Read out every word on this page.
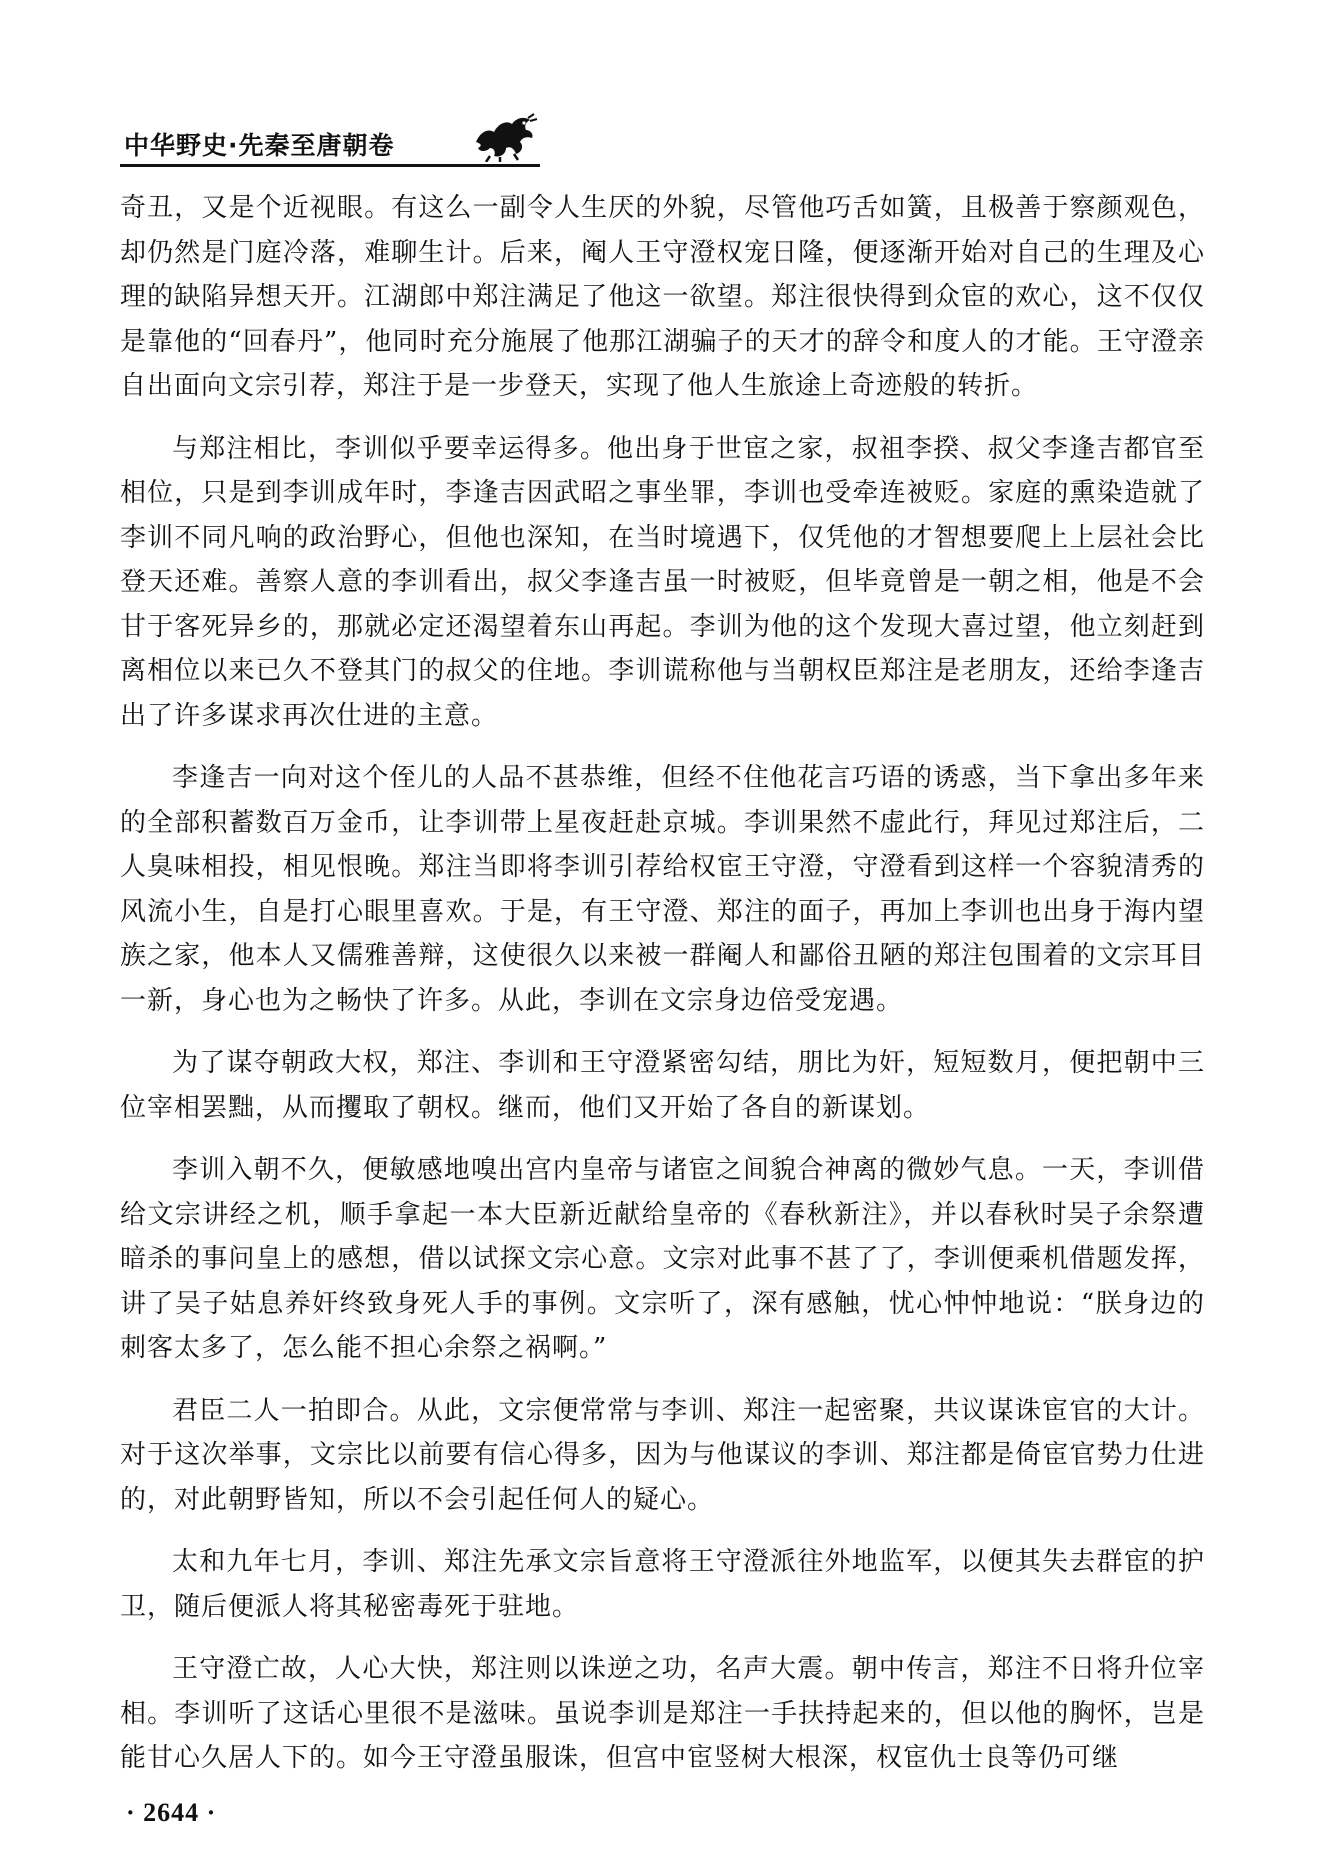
中华野史·先秦至唐朝卷

奇丑，又是个近视眼。有这么一副令人生厌的外貌，尽管他巧舌如簧，且极善于察颜观色，却仍然是门庭冷落，难聊生计。后来，阉人王守澄权宠日隆，便逐渐开始对自己的生理及心理的缺陷异想天开。江湖郎中郑注满足了他这一欲望。郑注很快得到众宦的欢心，这不仅仅是靠他的“回春丹”，他同时充分施展了他那江湖骗子的天才的辞令和度人的才能。王守澄亲自出面向文宗引荐，郑注于是一步登天，实现了他人生旅途上奇迹般的转折。

与郑注相比，李训似乎要幸运得多。他出身于世宦之家，叔祖李揆、叔父李逢吉都官至相位，只是到李训成年时，李逢吉因武昭之事坐罪，李训也受牵连被贬。家庭的熏染造就了李训不同凡响的政治野心，但他也深知，在当时境遇下，仅凭他的才智想要爬上上层社会比登天还难。善察人意的李训看出，叔父李逢吉虽一时被贬，但毕竟曾是一朝之相，他是不会甘于客死异乡的，那就必定还渴望着东山再起。李训为他的这个发现大喜过望，他立刻赶到离相位以来已久不登其门的叔父的住地。李训谎称他与当朝权臣郑注是老朋友，还给李逢吉出了许多谋求再次仕进的主意。

李逢吉一向对这个侄儿的人品不甚恭维，但经不住他花言巧语的诱惑，当下拿出多年来的全部积蓄数百万金币，让李训带上星夜赶赴京城。李训果然不虚此行，拜见过郑注后，二人臭味相投，相见恨晚。郑注当即将李训引荐给权宦王守澄，守澄看到这样一个容貌清秀的风流小生，自是打心眼里喜欢。于是，有王守澄、郑注的面子，再加上李训也出身于海内望族之家，他本人又儒雅善辩，这使很久以来被一群阉人和鄙俗丑陋的郑注包围着的文宗耳目一新，身心也为之畅快了许多。从此，李训在文宗身边倍受宠遇。

为了谋夺朝政大权，郑注、李训和王守澄紧密勾结，朋比为奸，短短数月，便把朝中三位宰相罢黜，从而攫取了朝权。继而，他们又开始了各自的新谋划。

李训入朝不久，便敏感地嗅出宫内皇帝与诸宦之间貌合神离的微妙气息。一天，李训借给文宗讲经之机，顺手拿起一本大臣新近献给皇帝的《春秋新注》，并以春秋时吴子余祭遭暗杀的事问皇上的感想，借以试探文宗心意。文宗对此事不甚了了，李训便乘机借题发挥，讲了吴子姑息养奸终致身死人手的事例。文宗听了，深有感触，忧心忡忡地说：“朕身边的刺客太多了，怎么能不担心余祭之祸啊。”

君臣二人一拍即合。从此，文宗便常常与李训、郑注一起密聚，共议谋诛宦官的大计。对于这次举事，文宗比以前要有信心得多，因为与他谋议的李训、郑注都是倚宦官势力仕进的，对此朝野皆知，所以不会引起任何人的疑心。

太和九年七月，李训、郑注先承文宗旨意将王守澄派往外地监军，以便其失去群宦的护卫，随后便派人将其秘密毒死于驻地。

王守澄亡故，人心大快，郑注则以诛逆之功，名声大震。朝中传言，郑注不日将升位宰相。李训听了这话心里很不是滋味。虽说李训是郑注一手扶持起来的，但以他的胸怀，岂是能甘心久居人下的。如今王守澄虽服诛，但宫中宦竖树大根深，权宦仇士良等仍可继

· 2644 ·
